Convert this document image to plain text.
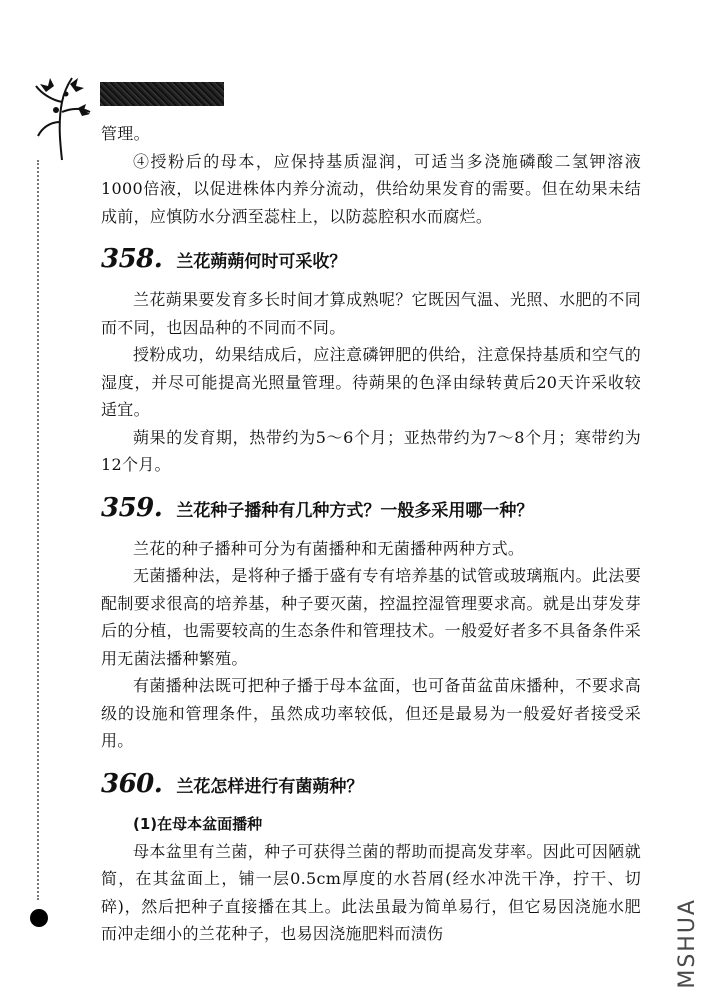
管理。

④授粉后的母本，应保持基质湿润，可适当多浇施磷酸二氢钾溶液1000倍液，以促进株体内养分流动，供给幼果发育的需要。但在幼果未结成前，应慎防水分洒至蕊柱上，以防蕊腔积水而腐烂。

358. 兰花蒴蒴何时可采收？

兰花蒴果要发育多长时间才算成熟呢？它既因气温、光照、水肥的不同而不同，也因品种的不同而不同。

授粉成功，幼果结成后，应注意磷钾肥的供给，注意保持基质和空气的湿度，并尽可能提高光照量管理。待蒴果的色泽由绿转黄后20天许采收较适宜。

蒴果的发育期，热带约为5～6个月；亚热带约为7～8个月；寒带约为12个月。

359. 兰花种子播种有几种方式？一般多采用哪一种？

兰花的种子播种可分为有菌播种和无菌播种两种方式。

无菌播种法，是将种子播于盛有专有培养基的试管或玻璃瓶内。此法要配制要求很高的培养基，种子要灭菌，控温控湿管理要求高。就是出芽发芽后的分植，也需要较高的生态条件和管理技术。一般爱好者多不具备条件采用无菌法播种繁殖。

有菌播种法既可把种子播于母本盆面，也可备苗盆苗床播种，不要求高级的设施和管理条件，虽然成功率较低，但还是最易为一般爱好者接受采用。

360. 兰花怎样进行有菌蒴种？
(1)在母本盆面播种

母本盆里有兰菌，种子可获得兰菌的帮助而提高发芽率。因此可因陋就简，在其盆面上，铺一层0.5cm厚度的水苔屑(经水冲洗干净，拧干、切碎)，然后把种子直接播在其上。此法虽最为简单易行，但它易因浇施水肥而冲走细小的兰花种子，也易因浇施肥料而渍伤	MSHUA
